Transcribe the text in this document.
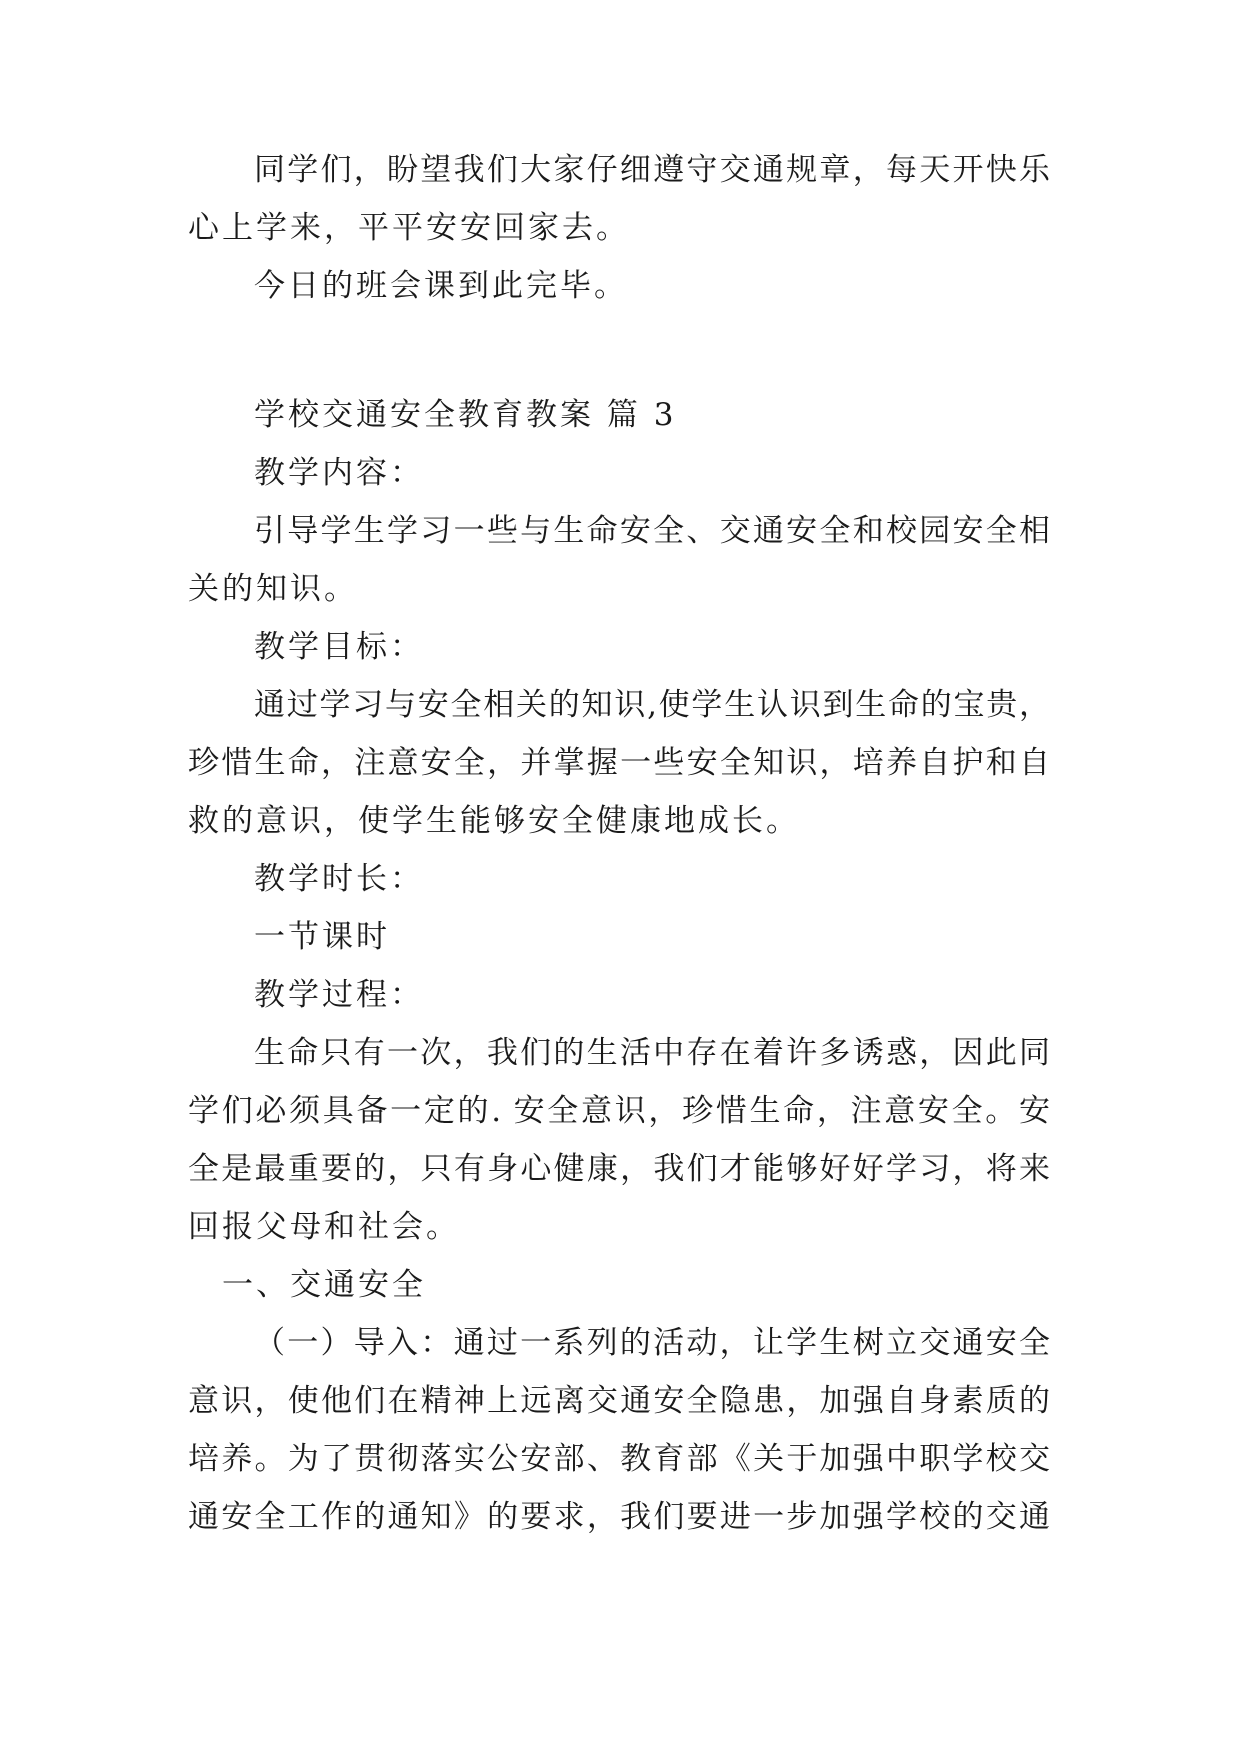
同学们，盼望我们大家仔细遵守交通规章，每天开快乐
心上学来，平平安安回家去。
今日的班会课到此完毕。
学校交通安全教育教案 篇 3
教学内容：
引导学生学习一些与生命安全、交通安全和校园安全相
关的知识。
教学目标：
通过学习与安全相关的知识,使学生认识到生命的宝贵，
珍惜生命，注意安全，并掌握一些安全知识，培养自护和自
救的意识，使学生能够安全健康地成长。
教学时长：
一节课时
教学过程：
生命只有一次，我们的生活中存在着许多诱惑，因此同
学们必须具备一定的. 安全意识，珍惜生命，注意安全。安
全是最重要的，只有身心健康，我们才能够好好学习，将来
回报父母和社会。
一、交通安全
（一）导入：通过一系列的活动，让学生树立交通安全
意识，使他们在精神上远离交通安全隐患，加强自身素质的
培养。为了贯彻落实公安部、教育部《关于加强中职学校交
通安全工作的通知》的要求，我们要进一步加强学校的交通
